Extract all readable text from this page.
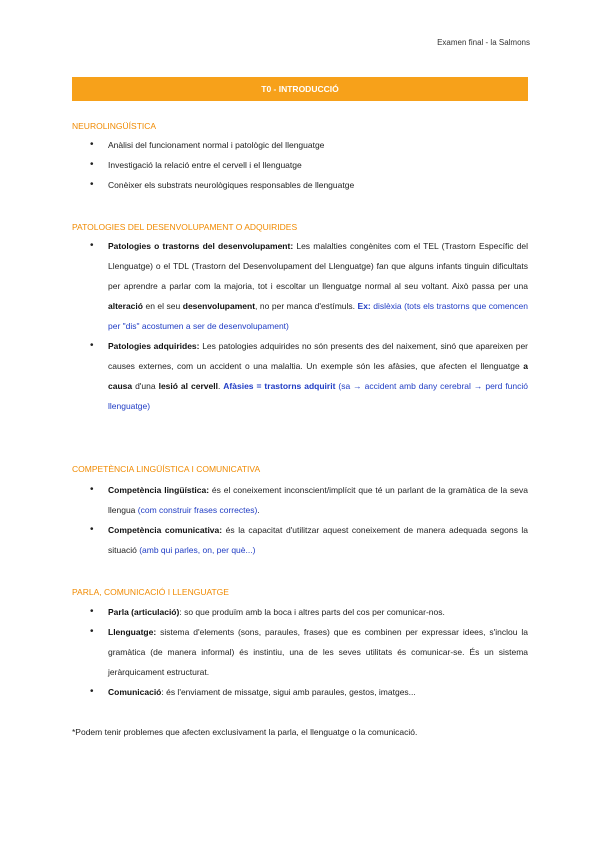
Examen final - la Salmons
T0 - INTRODUCCIÓ
NEUROLINGÜÍSTICA
• Anàlisi del funcionament normal i patològic del llenguatge
• Investigació la relació entre el cervell i el llenguatge
• Conèixer els substrats neurològiques responsables de llenguatge
PATOLOGIES DEL DESENVOLUPAMENT O ADQUIRIDES
• Patologies o trastorns del desenvolupament: Les malalties congènites com el TEL (Trastorn Específic del Llenguatge) o el TDL (Trastorn del Desenvolupament del Llenguatge) fan que alguns infants tinguin dificultats per aprendre a parlar com la majoria, tot i escoltar un llenguatge normal al seu voltant. Això passa per una alteració en el seu desenvolupament, no per manca d'estímuls. Ex: dislèxia (tots els trastorns que comencen per "dis" acostumen a ser de desenvolupament)
• Patologies adquirides: Les patologies adquirides no són presents des del naixement, sinó que apareixen per causes externes, com un accident o una malaltia. Un exemple són les afàsies, que afecten el llenguatge a causa d'una lesió al cervell. Afàsies = trastorns adquirit (sa → accident amb dany cerebral → perd funció llenguatge)
COMPETÈNCIA LINGÜÍSTICA I COMUNICATIVA
• Competència lingüística: és el coneixement inconscient/implícit que té un parlant de la gramàtica de la seva llengua (com construir frases correctes).
• Competència comunicativa: és la capacitat d'utilitzar aquest coneixement de manera adequada segons la situació (amb qui parles, on, per què...)
PARLA, COMUNICACIÓ I LLENGUATGE
• Parla (articulació): so que produïm amb la boca i altres parts del cos per comunicar-nos.
• Llenguatge: sistema d'elements (sons, paraules, frases) que es combinen per expressar idees, s'inclou la gramàtica (de manera informal) és instintiu, una de les seves utilitats és comunicar-se. És un sistema jeràrquicament estructurat.
• Comunicació: és l'enviament de missatge, sigui amb paraules, gestos, imatges...
*Podem tenir problemes que afecten exclusivament la parla, el llenguatge o la comunicació.
